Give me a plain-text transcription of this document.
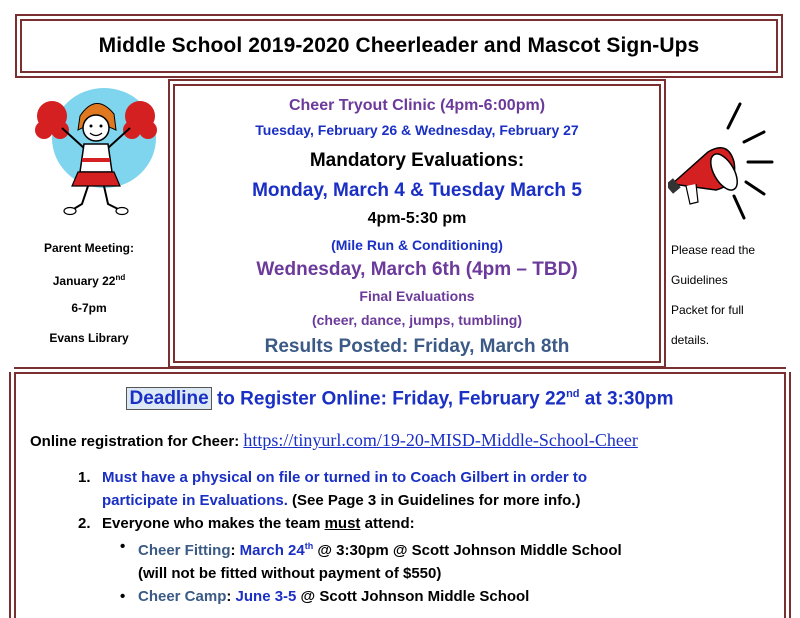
Middle School 2019-2020 Cheerleader and Mascot Sign-Ups
Parent Meeting:
January 22nd
6-7pm
Evans Library
Cheer Tryout Clinic (4pm-6:00pm)
Tuesday, February 26 & Wednesday, February 27
Mandatory Evaluations:
Monday, March 4 & Tuesday March 5
4pm-5:30 pm
(Mile Run & Conditioning)
Wednesday, March 6th (4pm – TBD)
Final Evaluations
(cheer, dance, jumps, tumbling)
Results Posted: Friday, March 8th
Please read the
Guidelines
Packet for full
details.
Deadline to Register Online: Friday, February 22nd at 3:30pm
Online registration for Cheer: https://tinyurl.com/19-20-MISD-Middle-School-Cheer
1. Must have a physical on file or turned in to Coach Gilbert in order to
participate in Evaluations. (See Page 3 in Guidelines for more info.)
2. Everyone who makes the team must attend:
• Cheer Fitting: March 24th @ 3:30pm @ Scott Johnson Middle School
(will not be fitted without payment of $550)
• Cheer Camp: June 3-5 @ Scott Johnson Middle School
